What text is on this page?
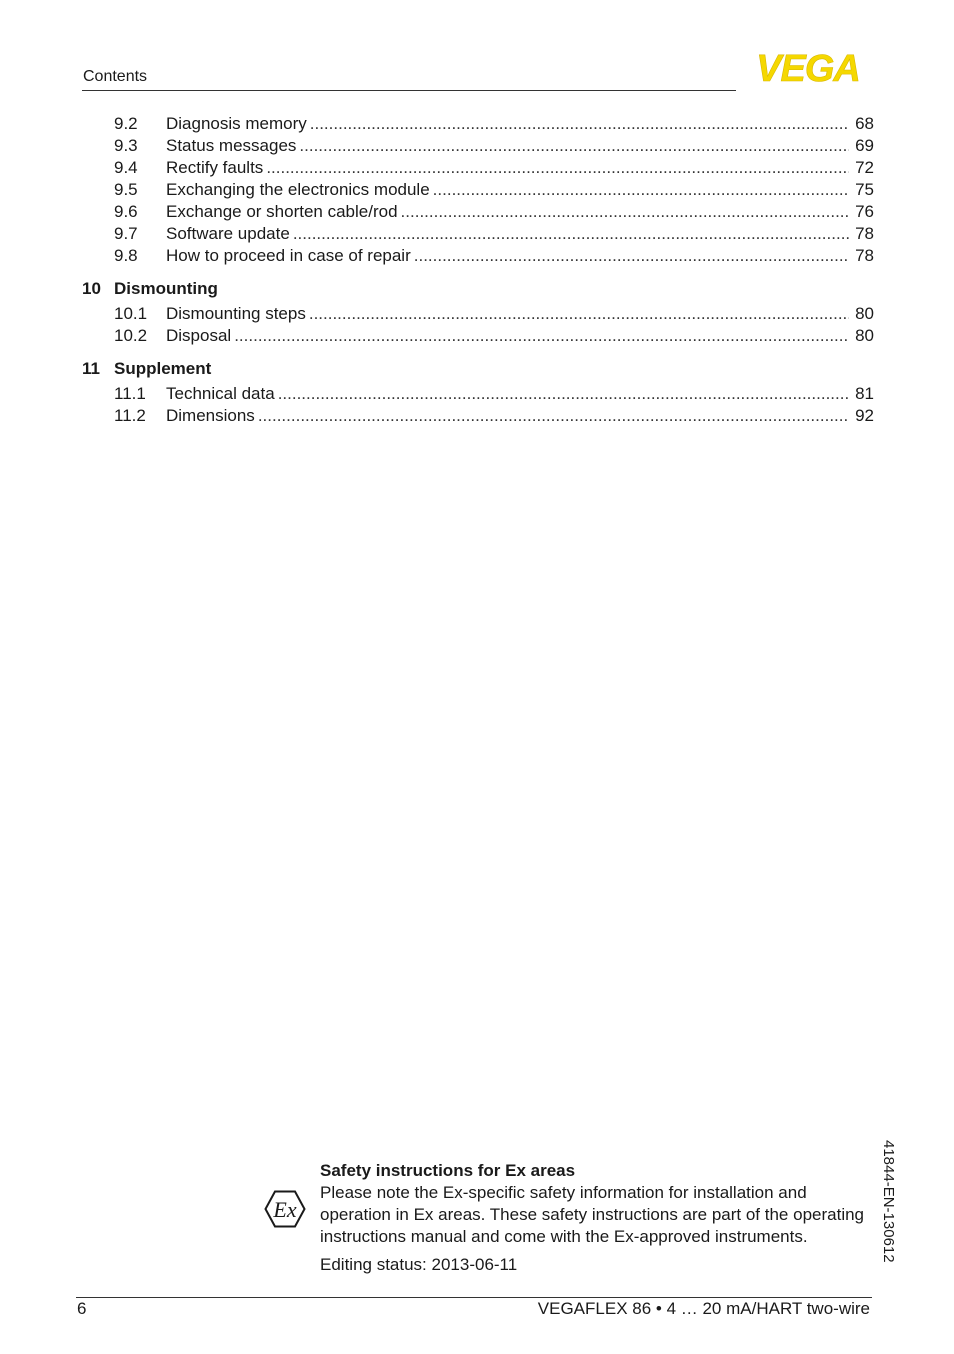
Contents	VEGA
9.2	Diagnosis memory .....	68
9.3	Status messages .....	69
9.4	Rectify faults .....	72
9.5	Exchanging the electronics module .....	75
9.6	Exchange or shorten cable/rod .....	76
9.7	Software update .....	78
9.8	How to proceed in case of repair .....	78
10 Dismounting
10.1	Dismounting steps .....	80
10.2	Disposal .....	80
11 Supplement
11.1	Technical data .....	81
11.2	Dimensions .....	92
41844-EN-130612
Ex
Safety instructions for Ex areas

Please note the Ex-specific safety information for installation and operation in Ex areas. These safety instructions are part of the operating instructions manual and come with the Ex-approved instruments.

Editing status: 2013-06-11
6	VEGAFLEX 86 • 4 … 20 mA/HART two-wire
